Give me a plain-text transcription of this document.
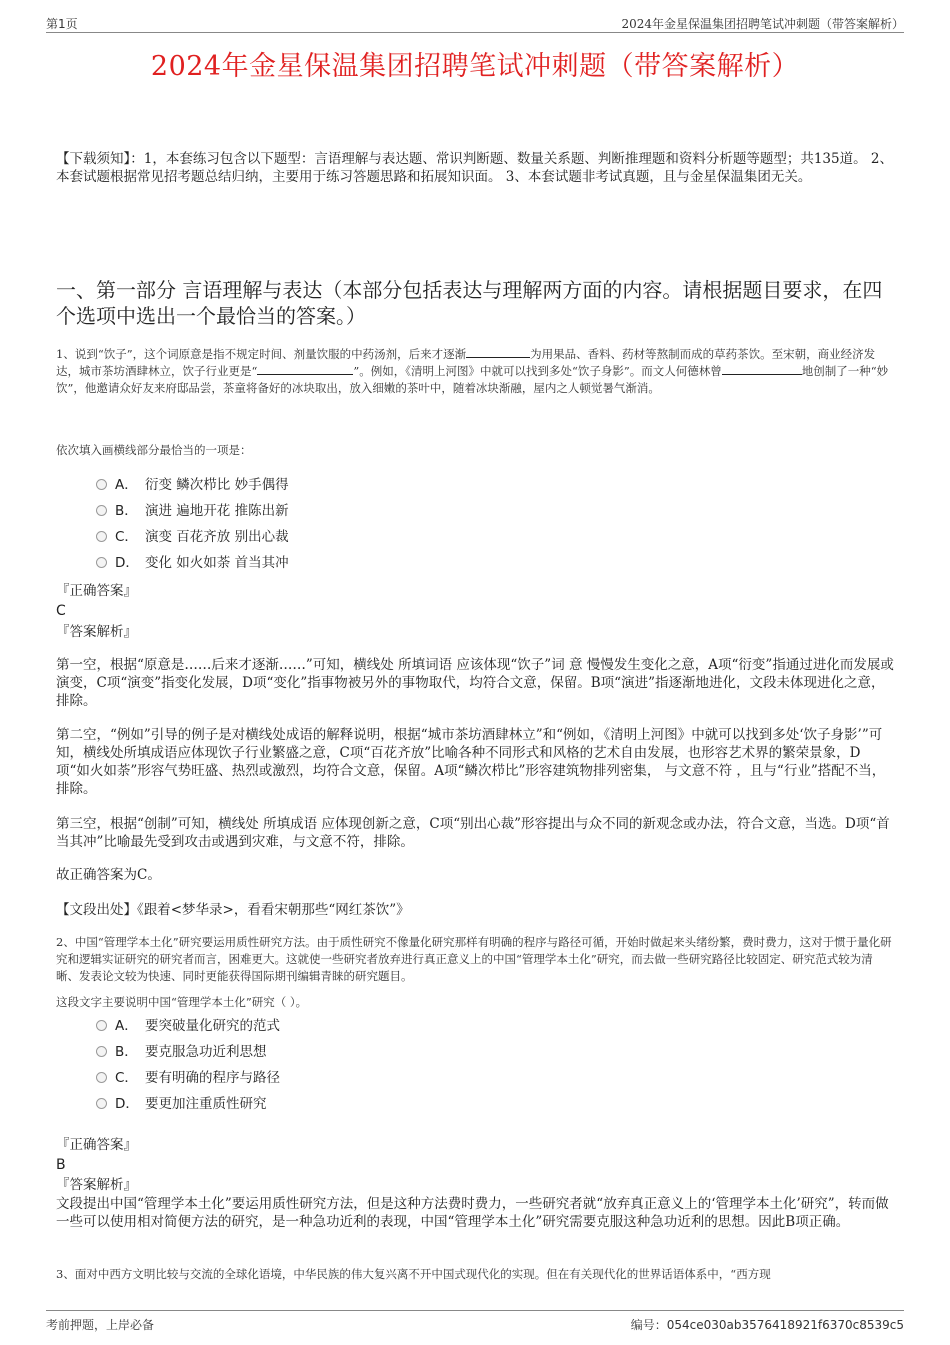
第1页	2024年金星保温集团招聘笔试冲刺题（带答案解析）
2024年金星保温集团招聘笔试冲刺题（带答案解析）
【下载须知】：1，本套练习包含以下题型：言语理解与表达题、常识判断题、数量关系题、判断推理题和资料分析题等题型；共135道。 2、本套试题根据常见招考题总结归纳，主要用于练习答题思路和拓展知识面。 3、本套试题非考试真题，且与金星保温集团无关。
一、第一部分 言语理解与表达（本部分包括表达与理解两方面的内容。请根据题目要求，在四个选项中选出一个最恰当的答案。）
1、说到“饮子”，这个词原意是指不规定时间、剂量饮服的中药汤剂，后来才逐渐	为用果品、香料、药材等熬制而成的草药茶饮。至宋朝，商业经济发达，城市茶坊酒肆林立，饮子行业更是“	”。例如，《清明上河图》中就可以找到多处“饮子身影”。而文人何德林曾	地创制了一种“妙饮”，他邀请众好友来府邸品尝，茶童将备好的冰块取出，放入细嫩的茶叶中，随着冰块渐融，屋内之人顿觉暑气渐消。
依次填入画横线部分最恰当的一项是：
A． 衍变 鳞次栉比 妙手偶得
B． 演进 遍地开花 推陈出新
C． 演变 百花齐放 别出心裁
D． 变化 如火如荼 首当其冲
『正确答案』
C
『答案解析』
第一空，根据“原意是……后来才逐渐……”可知，横线处 所填词语 应该体现“饮子”词 意 慢慢发生变化之意，A项“衍变”指通过进化而发展或演变，C项“演变”指变化发展，D项“变化”指事物被另外的事物取代，均符合文意，保留。B项“演进”指逐渐地进化，文段未体现进化之意，排除。
第二空，“例如”引导的例子是对横线处成语的解释说明，根据“城市茶坊酒肆林立”和“例如，《清明上河图》中就可以找到多处‘饮子身影’”可知，横线处所填成语应体现饮子行业繁盛之意，C项“百花齐放”比喻各种不同形式和风格的艺术自由发展，也形容艺术界的繁荣景象，D项“如火如荼”形容气势旺盛、热烈或激烈，均符合文意，保留。A项“鳞次栉比”形容建筑物排列密集， 与文意不符 ，且与“行业”搭配不当，排除。
第三空，根据“创制”可知，横线处 所填成语 应体现创新之意，C项“别出心裁”形容提出与众不同的新观念或办法，符合文意，当选。D项“首当其冲”比喻最先受到攻击或遇到灾难，与文意不符，排除。
故正确答案为C。
【文段出处】《跟着<梦华录>，看看宋朝那些“网红茶饮”》
2、中国“管理学本土化”研究要运用质性研究方法。由于质性研究不像量化研究那样有明确的程序与路径可循，开始时做起来头绪纷繁，费时费力，这对于惯于量化研究和逻辑实证研究的研究者而言，困难更大。这就使一些研究者放弃进行真正意义上的中国“管理学本土化”研究，而去做一些研究路径比较固定、研究范式较为清晰、发表论文较为快速、同时更能获得国际期刊编辑青睐的研究题目。
这段文字主要说明中国“管理学本土化”研究（ ）。
A． 要突破量化研究的范式
B． 要克服急功近利思想
C． 要有明确的程序与路径
D． 要更加注重质性研究
『正确答案』
B
『答案解析』
文段提出中国“管理学本土化”要运用质性研究方法，但是这种方法费时费力，一些研究者就“放弃真正意义上的‘管理学本土化’研究”，转而做一些可以使用相对简便方法的研究，是一种急功近利的表现，中国“管理学本土化”研究需要克服这种急功近利的思想。因此B项正确。
3、面对中西方文明比较与交流的全球化语境，中华民族的伟大复兴离不开中国式现代化的实现。但在有关现代化的世界话语体系中，“西方现
考前押题，上岸必备	编号：054ce030ab3576418921f6370c8539c5
